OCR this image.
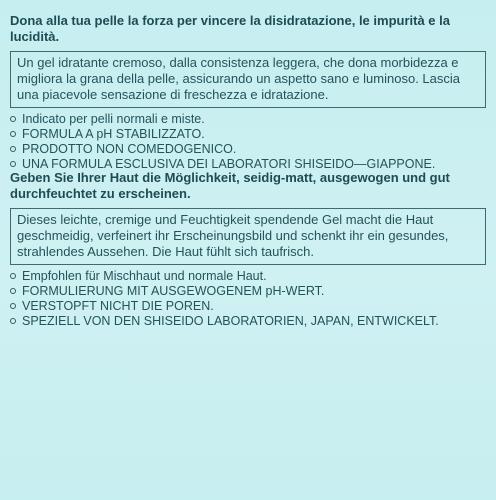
Dona alla tua pelle la forza per vincere la disidratazione, le impurità e la lucidità.

Un gel idratante cremoso, dalla consistenza leggera, che dona morbidezza e migliora la grana della pelle, assicurando un aspetto sano e luminoso. Lascia una piacevole sensazione di freschezza e idratazione.
Indicato per pelli normali e miste.
FORMULA A pH STABILIZZATO.
PRODOTTO NON COMEDOGENICO.
UNA FORMULA ESCLUSIVA DEI LABORATORI SHISEIDO—GIAPPONE.

Geben Sie Ihrer Haut die Möglichkeit, seidig-matt, ausgewogen und gut durchfeuchtet zu erscheinen.

Dieses leichte, cremige und Feuchtigkeit spendende Gel macht die Haut geschmeidig, verfeinert ihr Erscheinungsbild und schenkt ihr ein gesundes, strahlendes Aussehen. Die Haut fühlt sich taufrisch.
Empfohlen für Mischhaut und normale Haut.
FORMULIERUNG MIT AUSGEWOGENEM pH-WERT.
VERSTOPFT NICHT DIE POREN.
SPEZIELL VON DEN SHISEIDO LABORATORIEN, JAPAN, ENTWICKELT.
